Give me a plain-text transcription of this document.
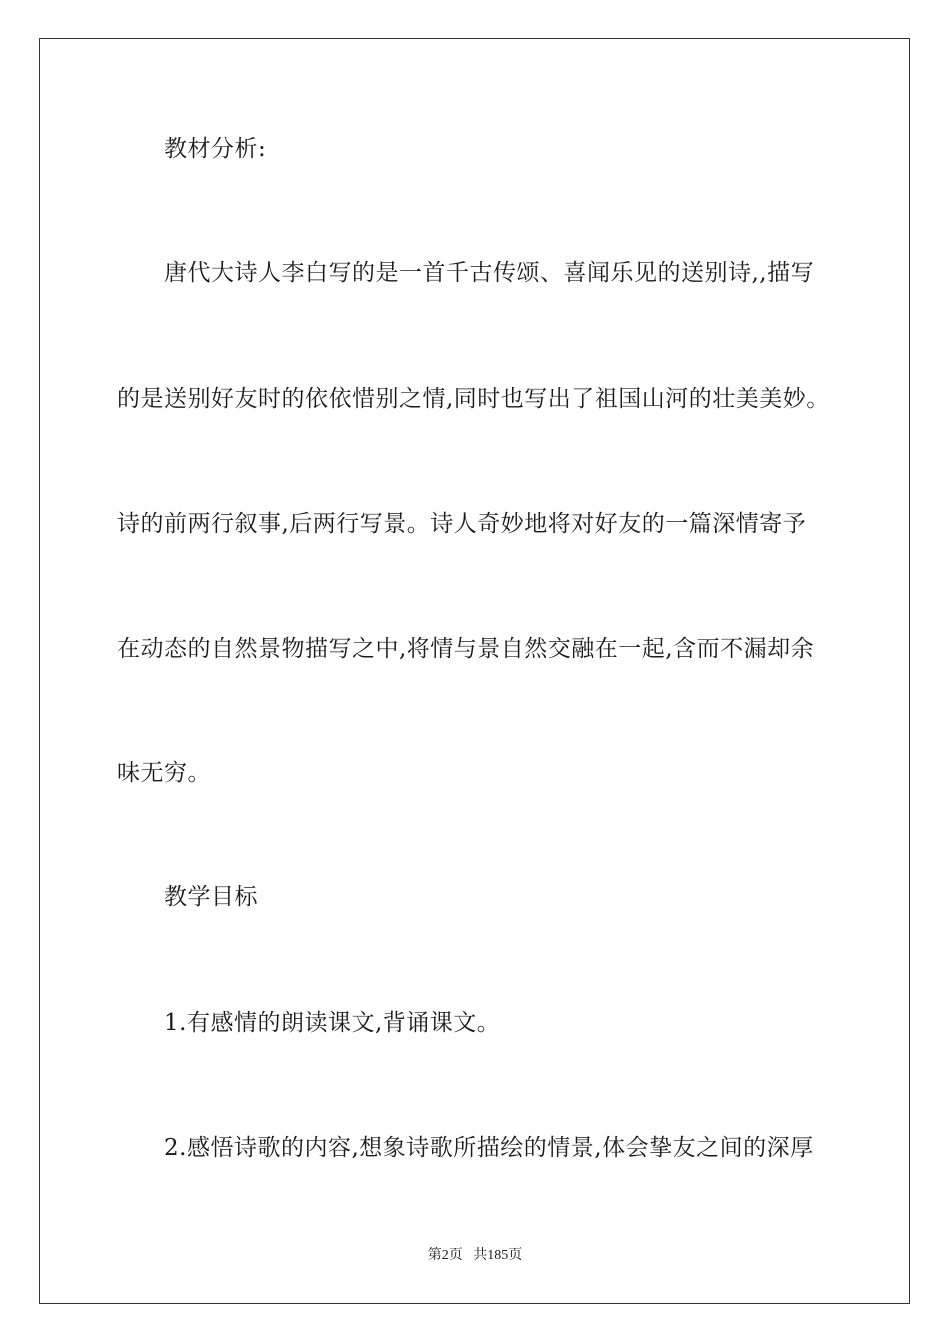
教材分析:
唐代大诗人李白写的是一首千古传颂、喜闻乐见的送别诗,,描写
的是送别好友时的依依惜别之情,同时也写出了祖国山河的壮美美妙。
诗的前两行叙事,后两行写景。诗人奇妙地将对好友的一篇深情寄予
在动态的自然景物描写之中,将情与景自然交融在一起,含而不漏却余
味无穷。
教学目标
1.有感情的朗读课文,背诵课文。
2.感悟诗歌的内容,想象诗歌所描绘的情景,体会挚友之间的深厚
第2页 共185页
